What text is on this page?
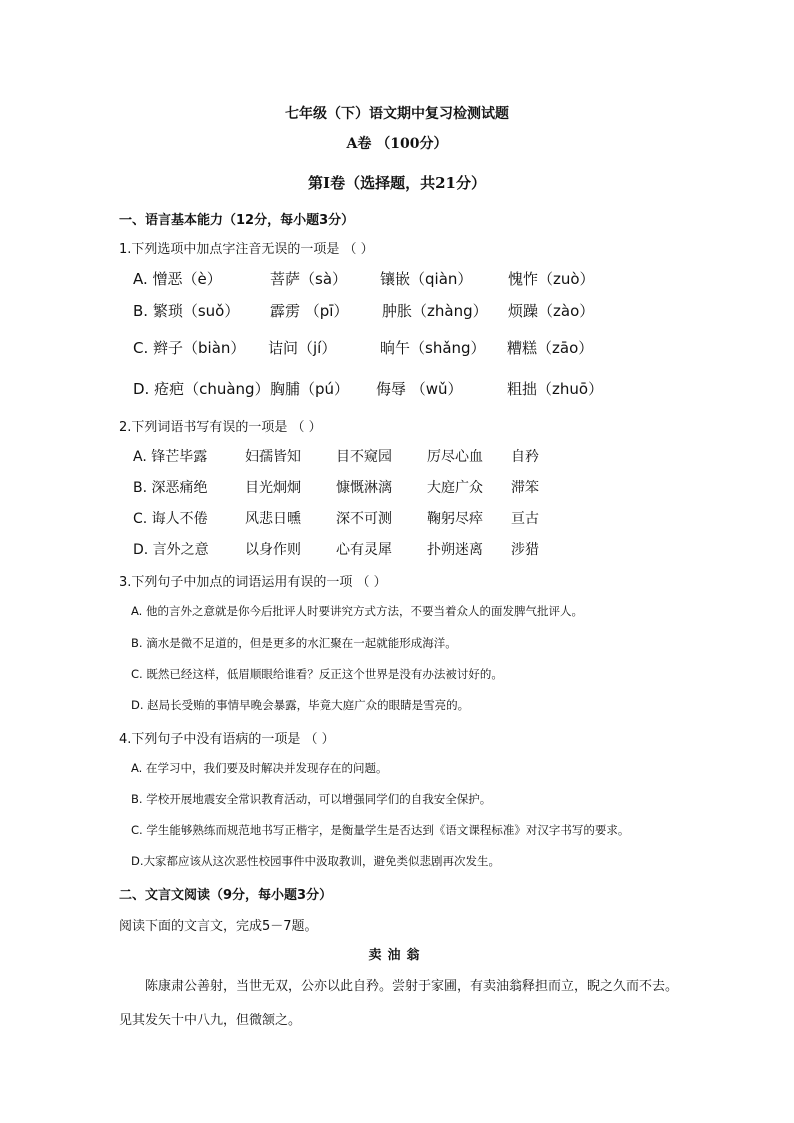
七年级（下）语文期中复习检测试题
A卷 （100分）
第Ⅰ卷（选择题，共21分）
一、语言基本能力（12分，每小题3分）
1.下列选项中加点字注音无误的一项是 （ ）
A. 憎恶（è）	菩萨（sà） 镶嵌（qiàn） 愧怍（zuò）
B. 繁琐（suǒ） 霹雳 （pī） 肿胀（zhàng） 烦躁（zào）
C. 辫子（biàn） 诘问（jí）	晌午（shǎng） 糟糕（zāo）
D. 疮疤（chuàng） 胸脯（pú） 侮辱 （wǔ）	粗拙（zhuō）
2.下列词语书写有误的一项是 （ ）
A. 锋芒毕露	妇孺皆知	目不窥园	厉尽心血 自矜
B. 深恶痛绝	目光炯炯	慷慨淋漓	大庭广众 滞笨
C. 诲人不倦	风悲日曛	深不可测	鞠躬尽瘁 亘古
D. 言外之意	以身作则	心有灵犀	扑朔迷离 涉猎
3.下列句子中加点的词语运用有误的一项 （ ）
A. 他的言外之意就是你今后批评人时要讲究方式方法，不要当着众人的面发脾气批评人。
B. 滴水是微不足道的，但是更多的水汇聚在一起就能形成海洋。
C. 既然已经这样，低眉顺眼给谁看？反正这个世界是没有办法被讨好的。
D. 赵局长受贿的事情早晚会暴露，毕竟大庭广众的眼睛是雪亮的。
4.下列句子中没有语病的一项是 （ ）
A. 在学习中，我们要及时解决并发现存在的问题。
B. 学校开展地震安全常识教育活动，可以增强同学们的自我安全保护。
C. 学生能够熟练而规范地书写正楷字，是衡量学生是否达到《语文课程标准》对汉字书写的要求。
D.大家都应该从这次恶性校园事件中汲取教训，避免类似悲剧再次发生。
二、文言文阅读（9分，每小题3分）
阅读下面的文言文，完成5－7题。
卖油翁
陈康肃公善射，当世无双，公亦以此自矜。尝射于家圃，有卖油翁释担而立，睨之久而不去。见其发矢十中八九，但微颔之。
